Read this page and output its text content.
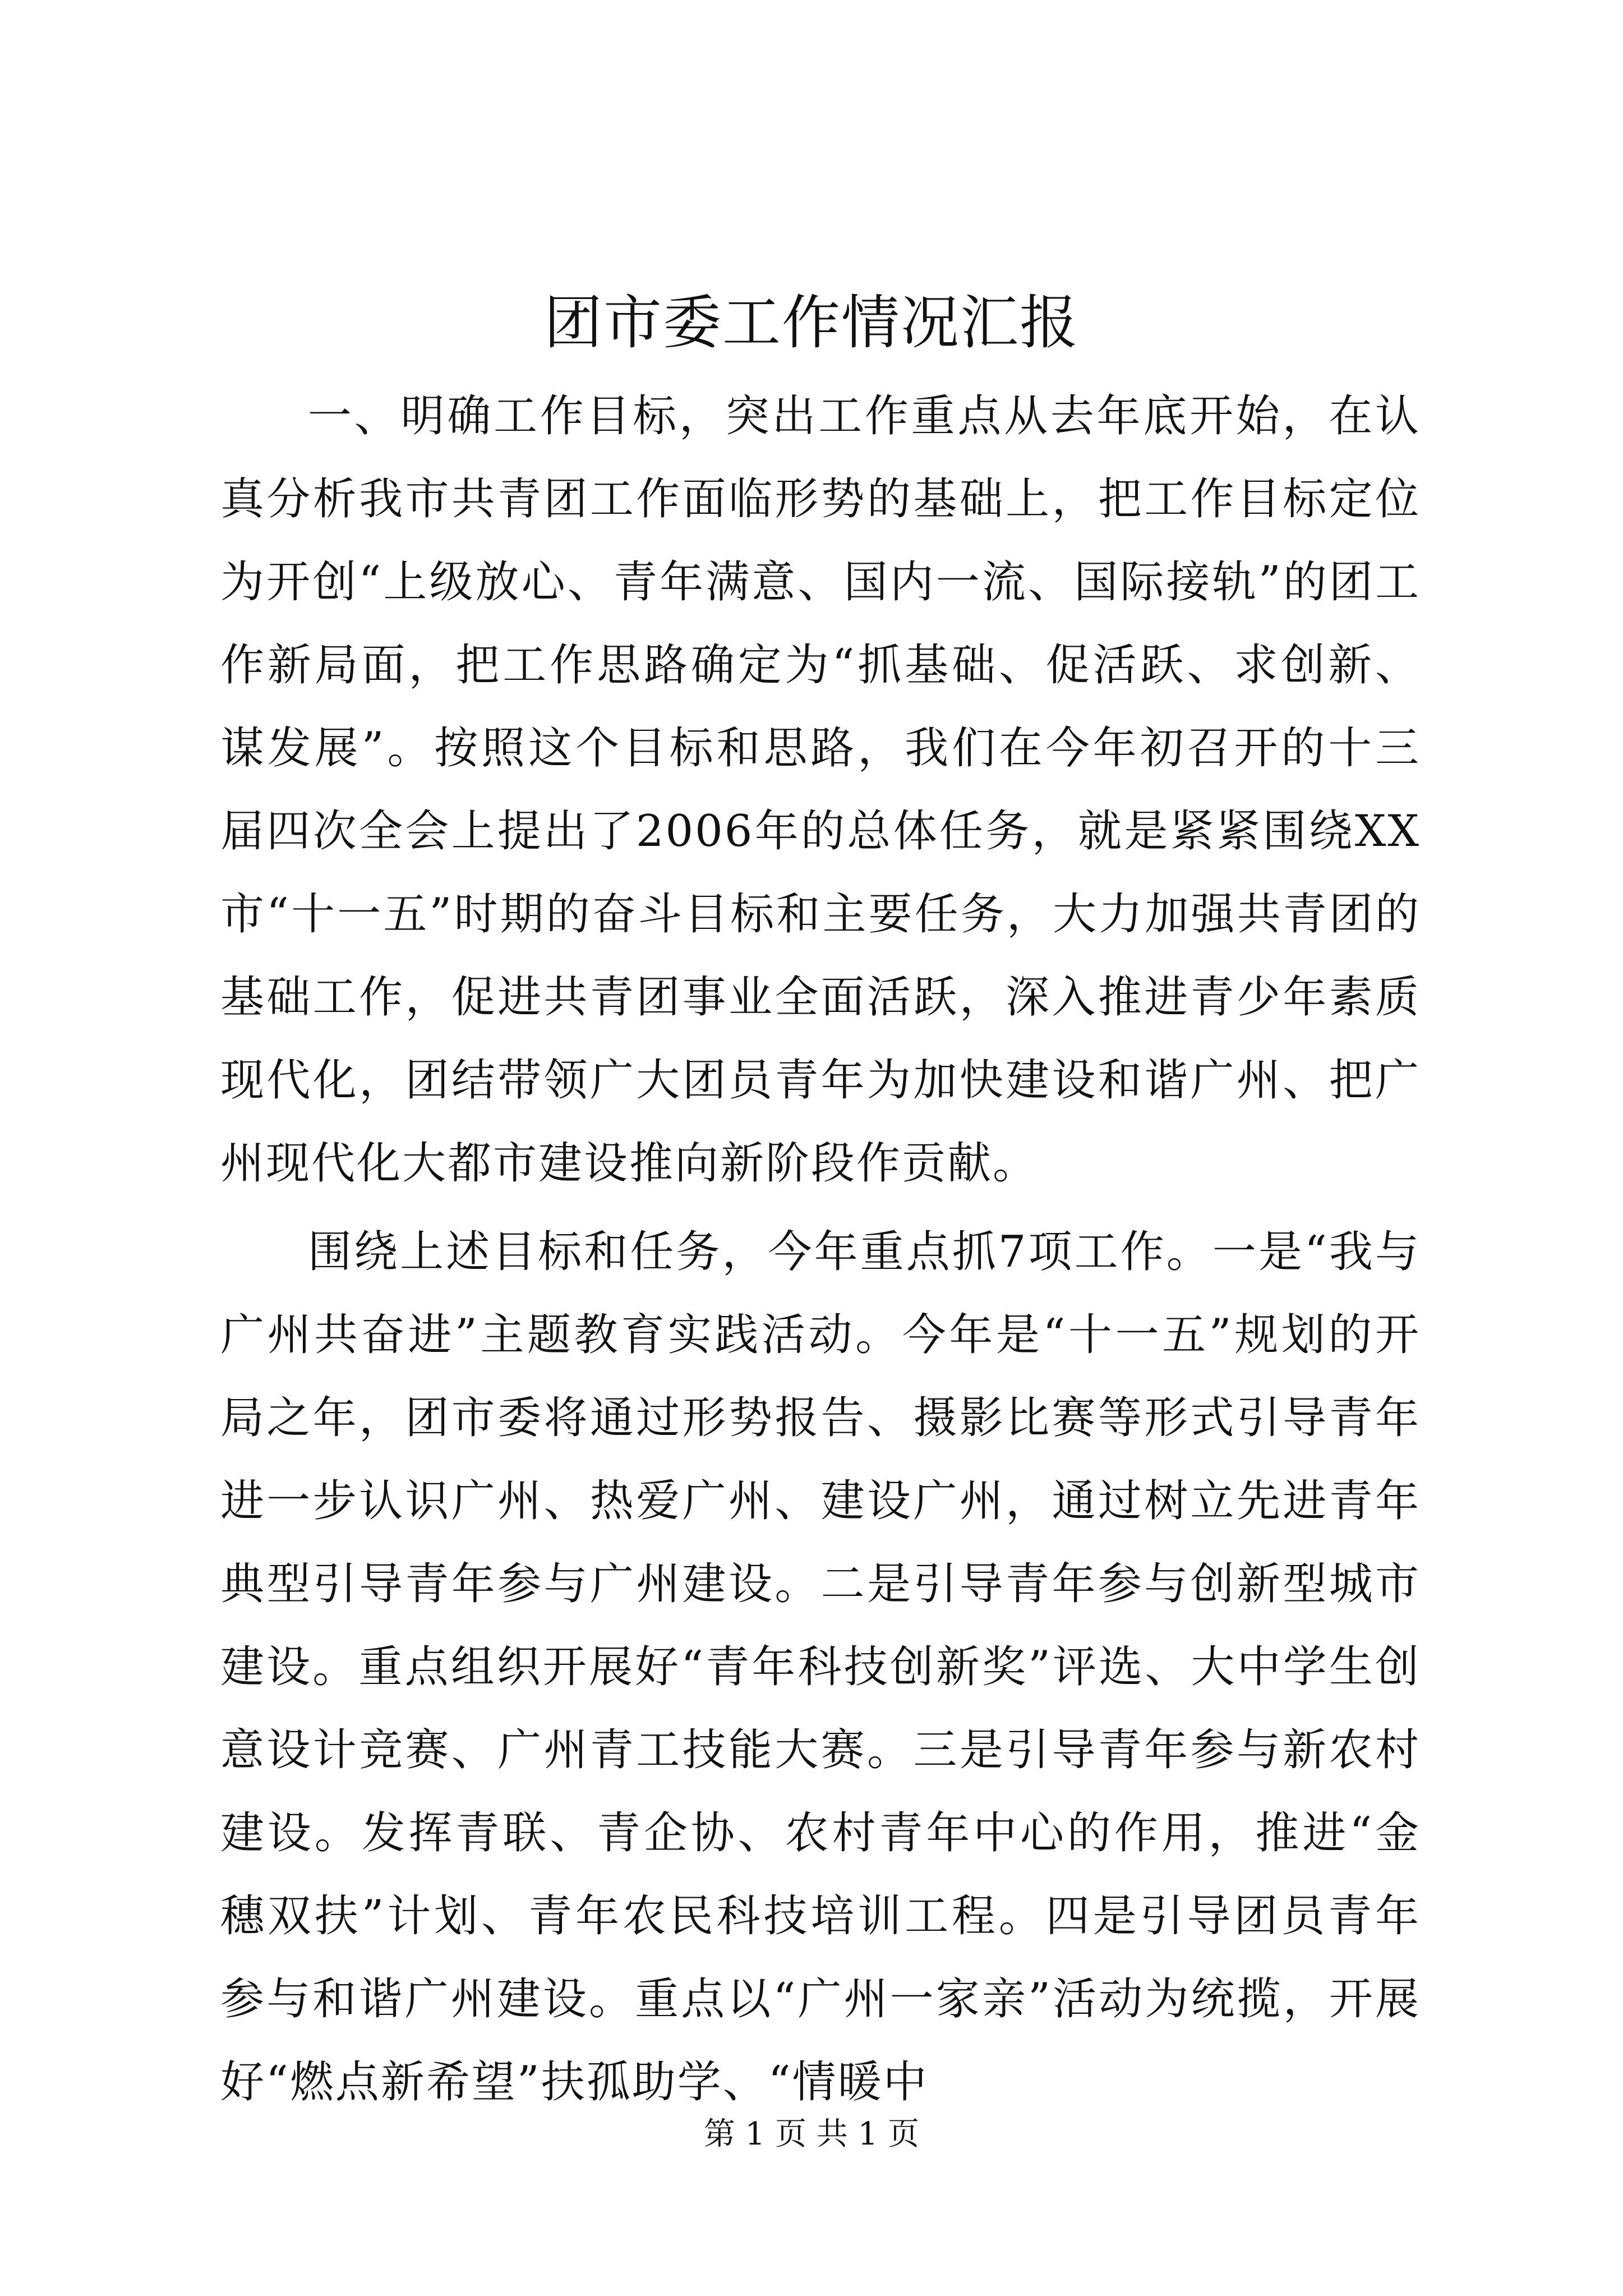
团市委工作情况汇报

一、明确工作目标，突出工作重点从去年底开始，在认真分析我市共青团工作面临形势的基础上，把工作目标定位为开创“上级放心、青年满意、国内一流、国际接轨”的团工作新局面，把工作思路确定为“抓基础、促活跃、求创新、谋发展”。按照这个目标和思路，我们在今年初召开的十三届四次全会上提出了2006年的总体任务，就是紧紧围绕XX市“十一五”时期的奋斗目标和主要任务，大力加强共青团的基础工作，促进共青团事业全面活跃，深入推进青少年素质现代化，团结带领广大团员青年为加快建设和谐广州、把广州现代化大都市建设推向新阶段作贡献。

围绕上述目标和任务，今年重点抓7项工作。一是“我与广州共奋进”主题教育实践活动。今年是“十一五”规划的开局之年，团市委将通过形势报告、摄影比赛等形式引导青年进一步认识广州、热爱广州、建设广州，通过树立先进青年典型引导青年参与广州建设。二是引导青年参与创新型城市建设。重点组织开展好“青年科技创新奖”评选、大中学生创意设计竞赛、广州青工技能大赛。三是引导青年参与新农村建设。发挥青联、青企协、农村青年中心的作用，推进“金穗双扶”计划、青年农民科技培训工程。四是引导团员青年参与和谐广州建设。重点以“广州一家亲”活动为统揽，开展好“燃点新希望”扶孤助学、“情暖中

第 1 页 共 1 页
